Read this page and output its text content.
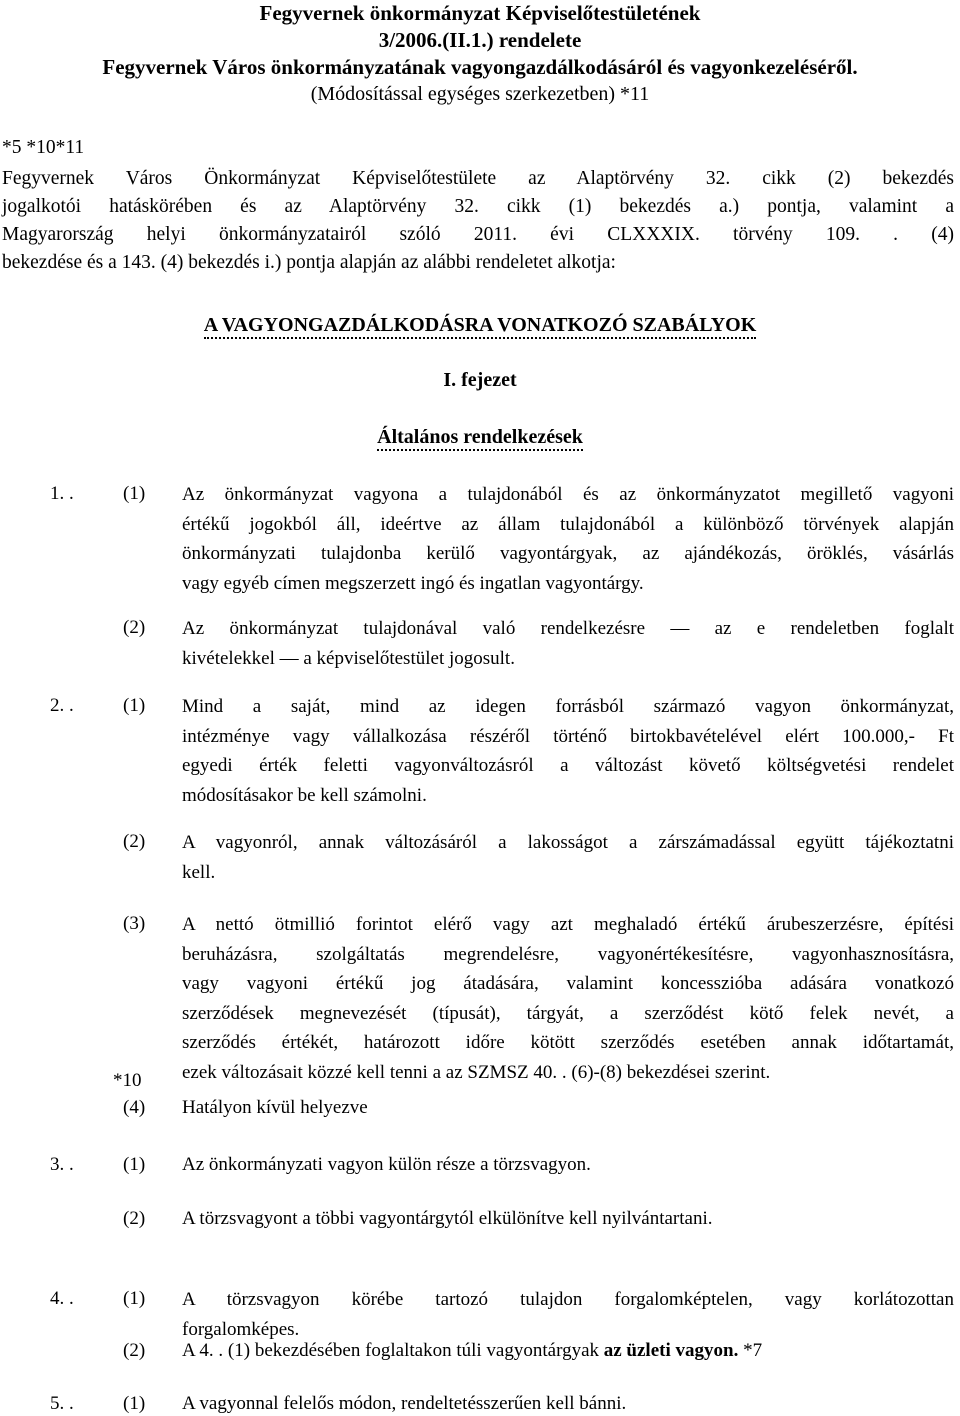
Fegyvernek önkormányzat Képviselőtestületének
3/2006.(II.1.) rendelete
Fegyvernek Város önkormányzatának vagyongazdálkodásáról és vagyonkezeléséről.
(Módosítással egységes szerkezetben) *11
*5 *10*11
Fegyvernek Város Önkormányzat Képviselőtestülete az Alaptörvény 32. cikk (2) bekezdés
jogalkotói hatáskörében és az Alaptörvény 32. cikk (1) bekezdés a.) pontja, valamint a
Magyarország helyi önkormányzatairól szóló 2011. évi CLXXXIX. törvény 109. . (4)
bekezdése és a 143. (4) bekezdés i.) pontja alapján az alábbi rendeletet alkotja:
A VAGYONGAZDÁLKODÁSRA VONATKOZÓ SZABÁLYOK
I. fejezet
Általános rendelkezések
1. .	(1) Az önkormányzat vagyona a tulajdonából és az önkormányzatot megillető vagyoni
értékű jogokból áll, ideértve az állam tulajdonából a különböző törvények alapján
önkormányzati tulajdonba kerülő vagyontárgyak, az ajándékozás, öröklés, vásárlás
vagy egyéb címen megszerzett ingó és ingatlan vagyontárgy.
(2) Az önkormányzat tulajdonával való rendelkezésre — az e rendeletben foglalt
kivételekkel — a képviselőtestület jogosult.
2. .	(1) Mind a saját, mind az idegen forrásból származó vagyon önkormányzat,
intézménye vagy vállalkozása részéről történő birtokbavételével elért 100.000,- Ft
egyedi érték feletti vagyonváltozásról a változást követő költségvetési rendelet
módosításakor be kell számolni.
(2) A vagyonról, annak változásáról a lakosságot a zárszámadással együtt tájékoztatni
kell.
(3) A nettó ötmillió forintot elérő vagy azt meghaladó értékű árubeszerzésre, építési
beruházásra, szolgáltatás megrendelésre, vagyonértékesítésre, vagyonhasznosításra,
vagy vagyoni értékű jog átadására, valamint koncesszióba adására vonatkozó
szerződések megnevezését (típusát), tárgyát, a szerződést kötő felek nevét, a
szerződés értékét, határozott időre kötött szerződés esetében annak időtartamát,
ezek változásait közzé kell tenni a az SZMSZ 40. . (6)-(8) bekezdései szerint.
*10
(4) Hatályon kívül helyezve
3. .	(1) Az önkormányzati vagyon külön része a törzsvagyon.
(2) A törzsvagyont a többi vagyontárgytól elkülönítve kell nyilvántartani.
4. .	(1) A törzsvagyon körébe tartozó tulajdon forgalomképtelen, vagy korlátozottan
forgalomképes.
(2) A 4. . (1) bekezdésében foglaltakon túli vagyontárgyak az üzleti vagyon. *7
5. .	(1) A vagyonnal felelős módon, rendeltetésszerűen kell bánni.
